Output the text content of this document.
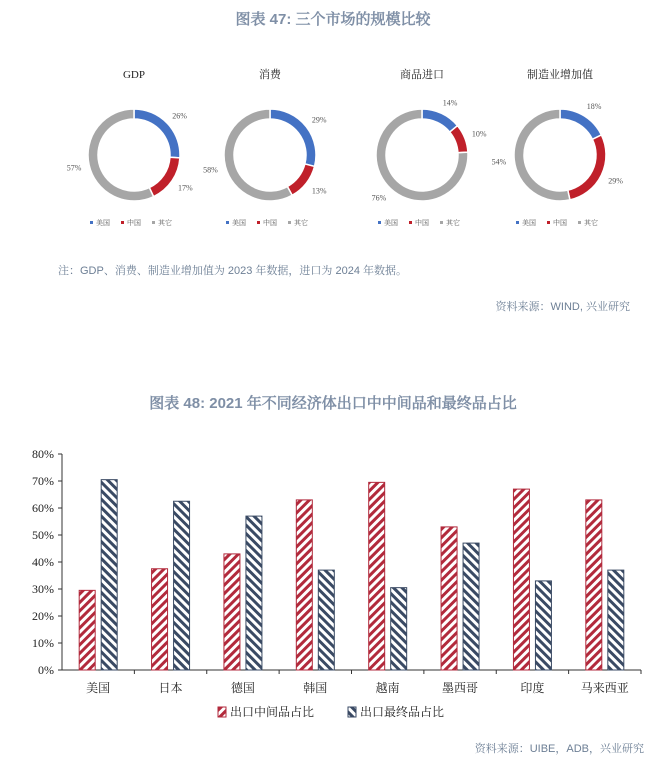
图表 47: 三个市场的规模比较
GDP
26%
17%
57%
美国 中国 其它
消费
29%
13%
58%
美国 中国 其它
商品进口
14%
10%
76%
美国 中国 其它
制造业增加值
18%
29%
54%
美国 中国 其它
注：GDP、消费、制造业增加值为 2023 年数据，进口为 2024 年数据。
资料来源：WIND, 兴业研究
图表 48: 2021 年不同经济体出口中中间品和最终品占比
0%
10%
20%
30%
40%
50%
60%
70%
80%
美国	日本	德国	韩国	越南	墨西哥	印度	马来西亚
出口中间品占比	出口最终品占比
资料来源：UIBE，ADB，兴业研究
